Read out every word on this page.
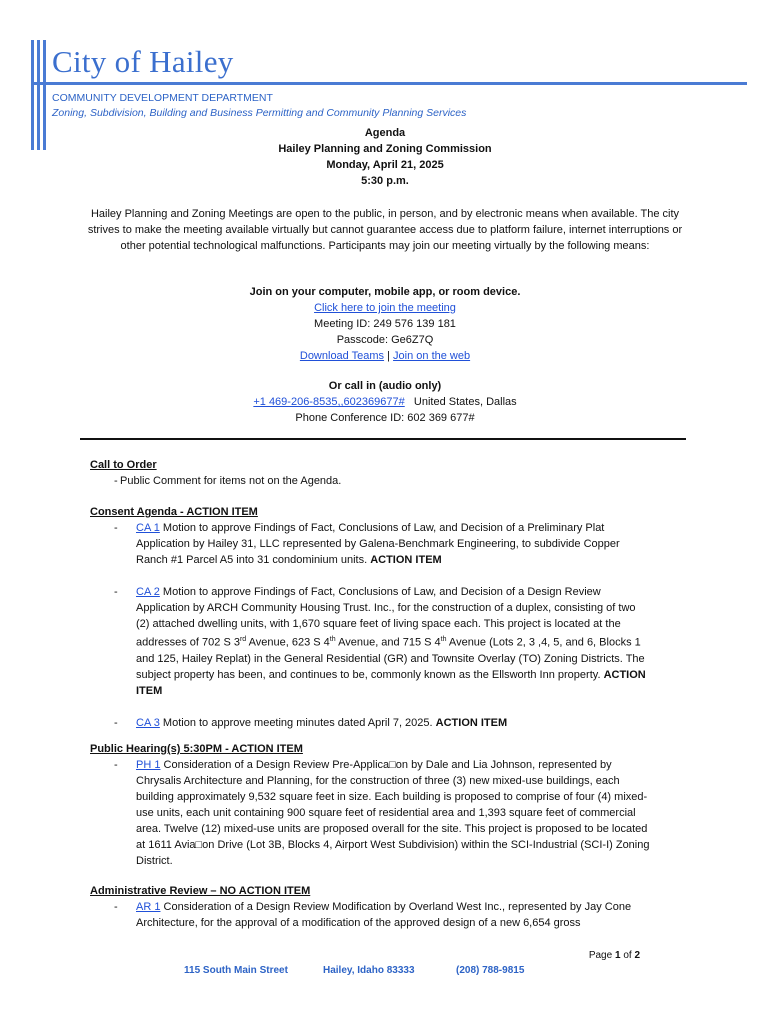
City of Hailey
COMMUNITY DEVELOPMENT DEPARTMENT
Zoning, Subdivision, Building and Business Permitting and Community Planning Services
Agenda
Hailey Planning and Zoning Commission
Monday, April 21, 2025
5:30 p.m.
Hailey Planning and Zoning Meetings are open to the public, in person, and by electronic means when available. The city strives to make the meeting available virtually but cannot guarantee access due to platform failure, internet interruptions or other potential technological malfunctions. Participants may join our meeting virtually by the following means:
Join on your computer, mobile app, or room device.
Click here to join the meeting
Meeting ID: 249 576 139 181
Passcode: Ge6Z7Q
Download Teams | Join on the web
Or call in (audio only)
+1 469-206-8535,,602369677# United States, Dallas
Phone Conference ID: 602 369 677#
Call to Order
- Public Comment for items not on the Agenda.
Consent Agenda - ACTION ITEM
- CA 1 Motion to approve Findings of Fact, Conclusions of Law, and Decision of a Preliminary Plat Application by Hailey 31, LLC represented by Galena-Benchmark Engineering, to subdivide Copper Ranch #1 Parcel A5 into 31 condominium units. ACTION ITEM
- CA 2 Motion to approve Findings of Fact, Conclusions of Law, and Decision of a Design Review Application by ARCH Community Housing Trust. Inc., for the construction of a duplex, consisting of two (2) attached dwelling units, with 1,670 square feet of living space each. This project is located at the addresses of 702 S 3rd Avenue, 623 S 4th Avenue, and 715 S 4th Avenue (Lots 2, 3 ,4, 5, and 6, Blocks 1 and 125, Hailey Replat) in the General Residential (GR) and Townsite Overlay (TO) Zoning Districts. The subject property has been, and continues to be, commonly known as the Ellsworth Inn property. ACTION ITEM
- CA 3 Motion to approve meeting minutes dated April 7, 2025. ACTION ITEM
Public Hearing(s) 5:30PM - ACTION ITEM
- PH 1 Consideration of a Design Review Pre-Applica□on by Dale and Lia Johnson, represented by Chrysalis Architecture and Planning, for the construction of three (3) new mixed-use buildings, each building approximately 9,532 square feet in size. Each building is proposed to comprise of four (4) mixed-use units, each unit containing 900 square feet of residential area and 1,393 square feet of commercial area. Twelve (12) mixed-use units are proposed overall for the site. This project is proposed to be located at 1611 Avia□on Drive (Lot 3B, Blocks 4, Airport West Subdivision) within the SCI-Industrial (SCI-I) Zoning District.
Administrative Review – NO ACTION ITEM
- AR 1 Consideration of a Design Review Modification by Overland West Inc., represented by Jay Cone Architecture, for the approval of a modification of the approved design of a new 6,654 gross
Page 1 of 2
115 South Main Street	Hailey, Idaho 83333	(208) 788-9815
